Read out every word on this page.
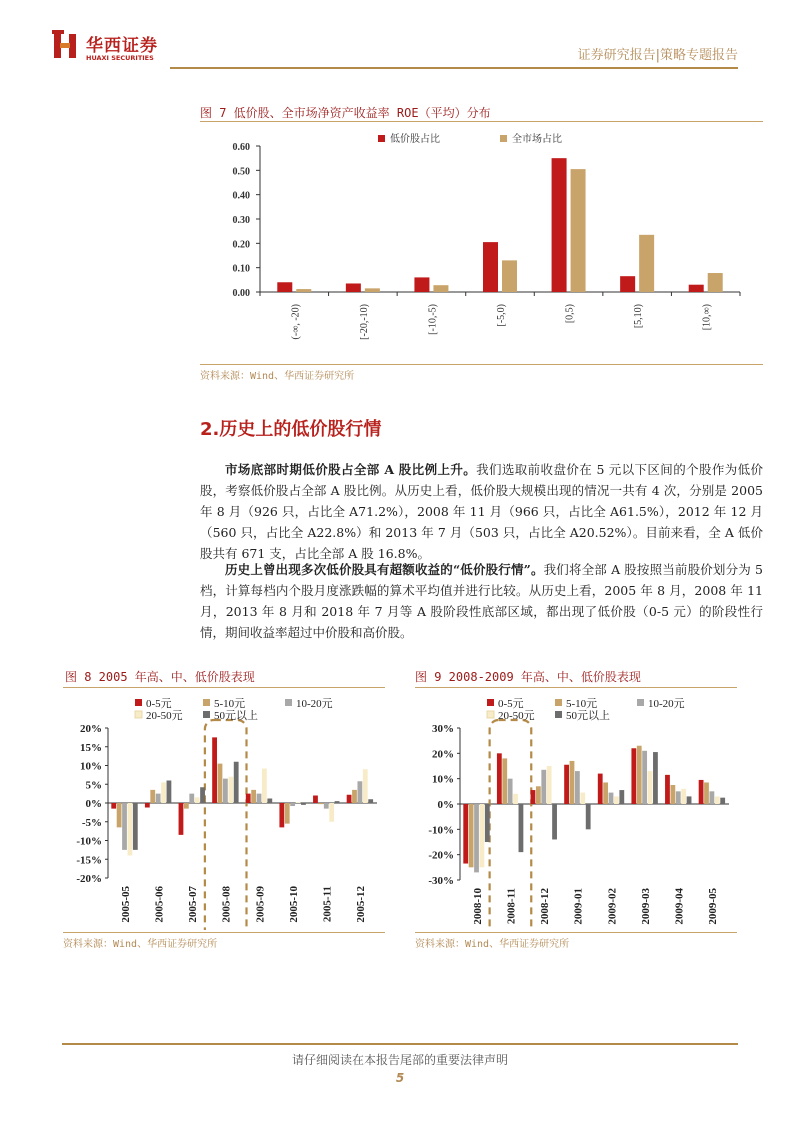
华西证券
HUAXI SECURITIES	证券研究报告|策略专题报告
图 7 低价股、全市场净资产收益率 ROE（平均）分布
0.00
0.10
0.20
0.30
0.40
0.50
0.60
(-∞, -20)	[-20,-10)	[-10,-5)	[-5,0)	[0,5)	[5,10)	[10,∞)
低价股占比	全市场占比
资料来源：Wind、华西证券研究所
2.历史上的低价股行情
市场底部时期低价股占全部 A 股比例上升。我们选取前收盘价在 5 元以下区间的个股作为低价股，考察低价股占全部 A 股比例。从历史上看，低价股大规模出现的情况一共有 4 次，分别是 2005 年 8 月（926 只，占比全 A71.2%），2008 年 11 月（966 只，占比全 A61.5%），2012 年 12 月（560 只，占比全 A22.8%）和 2013 年 7 月（503 只，占比全 A20.52%）。目前来看，全 A 低价股共有 671 支，占比全部 A 股 16.8%。
历史上曾出现多次低价股具有超额收益的“低价股行情”。我们将全部 A 股按照当前股价划分为 5 档，计算每档内个股月度涨跌幅的算术平均值并进行比较。从历史上看，2005 年 8 月，2008 年 11 月，2013 年 8 月和 2018 年 7 月等 A 股阶段性底部区域，都出现了低价股（0-5 元）的阶段性行情，期间收益率超过中价股和高价股。
图 8 2005 年高、中、低价股表现
20%
15%
10%
5%
0%
-5%
-10%
-15%
-20%
2005-05 2005-06 2005-07 2005-08 2005-09 2005-10 2005-11 2005-12
0-5元	5-10元	10-20元
20-50元	50元以上
资料来源：Wind、华西证券研究所
图 9 2008-2009 年高、中、低价股表现
30%
20%
10%
0%
-10%
-20%
-30%
2008-10 2008-11 2008-12 2009-01 2009-02 2009-03 2009-04 2009-05
0-5元	5-10元	10-20元
20-50元	50元以上
资料来源：Wind、华西证券研究所
请仔细阅读在本报告尾部的重要法律声明
5
